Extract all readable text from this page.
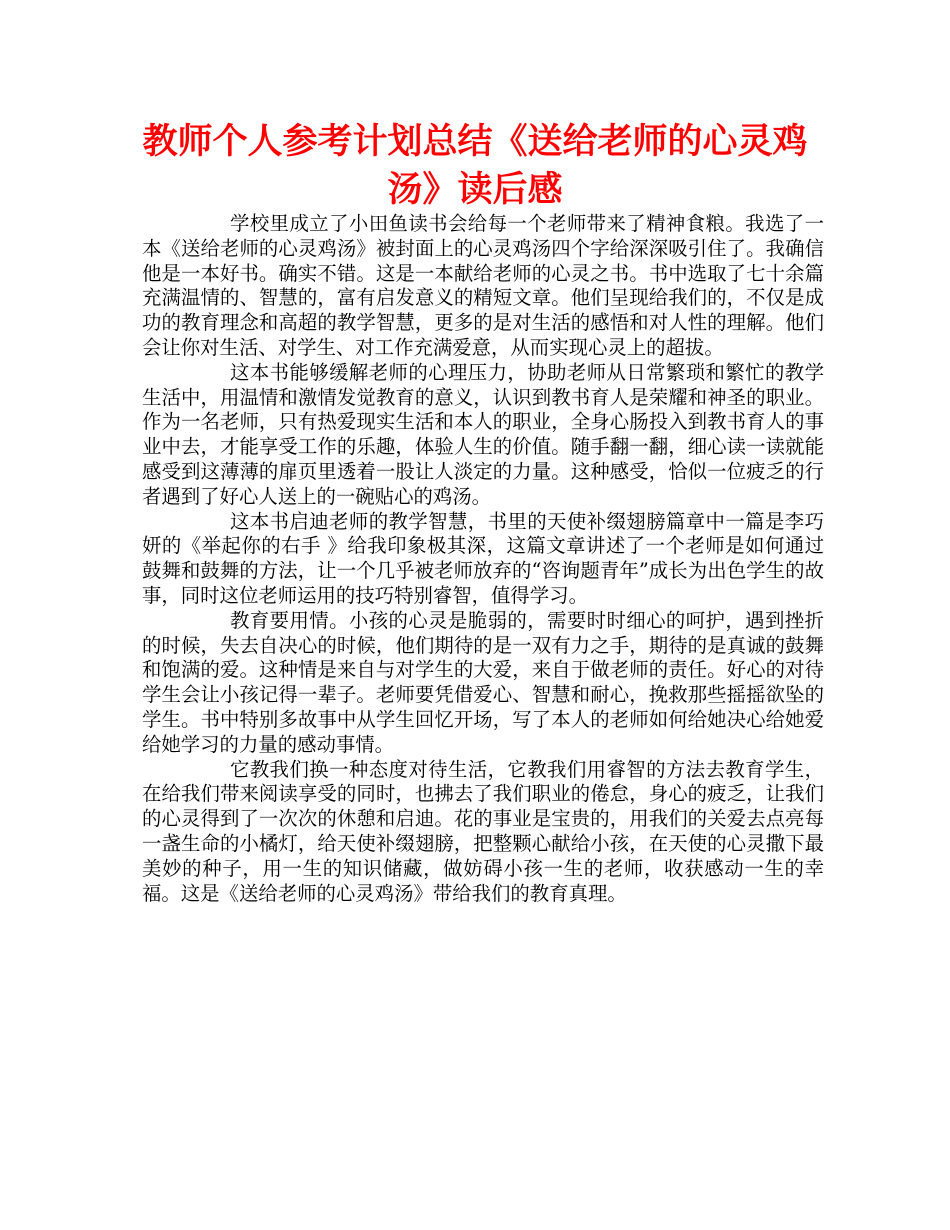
教师个人参考计划总结《送给老师的心灵鸡汤》读后感

学校里成立了小田鱼读书会给每一个老师带来了精神食粮。我选了一本《送给老师的心灵鸡汤》被封面上的心灵鸡汤四个字给深深吸引住了。我确信他是一本好书。确实不错。这是一本献给老师的心灵之书。书中选取了七十余篇充满温情的、智慧的，富有启发意义的精短文章。他们呈现给我们的，不仅是成功的教育理念和高超的教学智慧，更多的是对生活的感悟和对人性的理解。他们会让你对生活、对学生、对工作充满爱意，从而实现心灵上的超拔。

这本书能够缓解老师的心理压力，协助老师从日常繁琐和繁忙的教学生活中，用温情和激情发觉教育的意义，认识到教书育人是荣耀和神圣的职业。作为一名老师，只有热爱现实生活和本人的职业，全身心肠投入到教书育人的事业中去，才能享受工作的乐趣，体验人生的价值。随手翻一翻，细心读一读就能感受到这薄薄的扉页里透着一股让人淡定的力量。这种感受，恰似一位疲乏的行者遇到了好心人送上的一碗贴心的鸡汤。

这本书启迪老师的教学智慧，书里的天使补缀翅膀篇章中一篇是李巧妍的《举起你的右手 》给我印象极其深，这篇文章讲述了一个老师是如何通过鼓舞和鼓舞的方法，让一个几乎被老师放弃的“咨询题青年”成长为出色学生的故事，同时这位老师运用的技巧特别睿智，值得学习。

教育要用情。小孩的心灵是脆弱的，需要时时细心的呵护，遇到挫折的时候，失去自决心的时候，他们期待的是一双有力之手，期待的是真诚的鼓舞和饱满的爱。这种情是来自与对学生的大爱，来自于做老师的责任。好心的对待学生会让小孩记得一辈子。老师要凭借爱心、智慧和耐心，挽救那些摇摇欲坠的学生。书中特别多故事中从学生回忆开场，写了本人的老师如何给她决心给她爱给她学习的力量的感动事情。

它教我们换一种态度对待生活，它教我们用睿智的方法去教育学生，在给我们带来阅读享受的同时，也拂去了我们职业的倦怠，身心的疲乏，让我们的心灵得到了一次次的休憩和启迪。花的事业是宝贵的，用我们的关爱去点亮每一盏生命的小橘灯，给天使补缀翅膀，把整颗心献给小孩，在天使的心灵撒下最美妙的种子，用一生的知识储藏，做妨碍小孩一生的老师，收获感动一生的幸福。这是《送给老师的心灵鸡汤》带给我们的教育真理。
